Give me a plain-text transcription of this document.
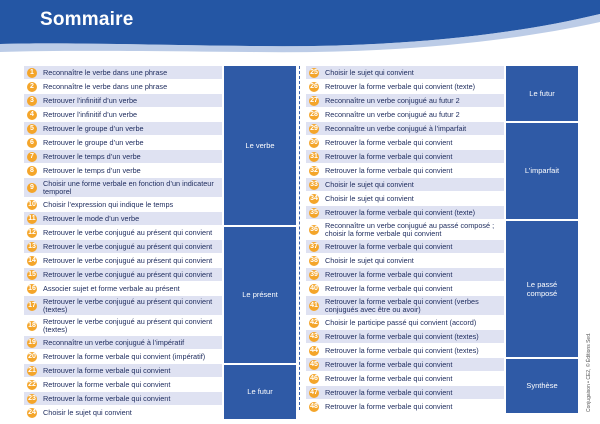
Sommaire
1	Reconnaître le verbe dans une phrase
2	Reconnaître le verbe dans une phrase
3	Retrouver l’infinitif d’un verbe
4	Retrouver l’infinitif d’un verbe
5	Retrouver le groupe d’un verbe
6	Retrouver le groupe d’un verbe
7	Retrouver le temps d’un verbe
8	Retrouver le temps d’un verbe
9	Choisir une forme verbale en fonction d’un indicateur temporel
10 Choisir l’expression qui indique le temps
11 Retrouver le mode d’un verbe
12 Retrouver le verbe conjugué au présent qui convient
13 Retrouver le verbe conjugué au présent qui convient
14 Retrouver le verbe conjugué au présent qui convient
15 Retrouver le verbe conjugué au présent qui convient
16 Associer sujet et forme verbale au présent
17 Retrouver le verbe conjugué au présent qui convient (textes)
18 Retrouver le verbe conjugué au présent qui convient (textes)
19 Reconnaître un verbe conjugué à l’impératif
20 Retrouver la forme verbale qui convient (impératif)
21 Retrouver la forme verbale qui convient
22 Retrouver la forme verbale qui convient
23 Retrouver la forme verbale qui convient
24 Choisir le sujet qui convient
Le verbe
Le présent
Le futur
25 Choisir le sujet qui convient
26 Retrouver la forme verbale qui convient (texte)
27 Reconnaître un verbe conjugué au futur 2
28 Reconnaître un verbe conjugué au futur 2
29 Reconnaître un verbe conjugué à l’imparfait
30 Retrouver la forme verbale qui convient
31 Retrouver la forme verbale qui convient
32 Retrouver la forme verbale qui convient
33 Choisir le sujet qui convient
34 Choisir le sujet qui convient
35 Retrouver la forme verbale qui convient (texte)
36 Reconnaître un verbe conjugué au passé composé ; choisir la forme verbale qui convient
37 Retrouver la forme verbale qui convient
38 Choisir le sujet qui convient
39 Retrouver la forme verbale qui convient
40 Retrouver la forme verbale qui convient
41 Retrouver la forme verbale qui convient (verbes conjugués avec être ou avoir)
42 Choisir le participe passé qui convient (accord)
43 Retrouver la forme verbale qui convient (textes)
44 Retrouver la forme verbale qui convient (textes)
45 Retrouver la forme verbale qui convient
46 Retrouver la forme verbale qui convient
47 Retrouver la forme verbale qui convient
48 Retrouver la forme verbale qui convient
Le futur
L’imparfait
Le passé composé
Synthèse	Conjugaison • CE2, © Éditions Sed.
